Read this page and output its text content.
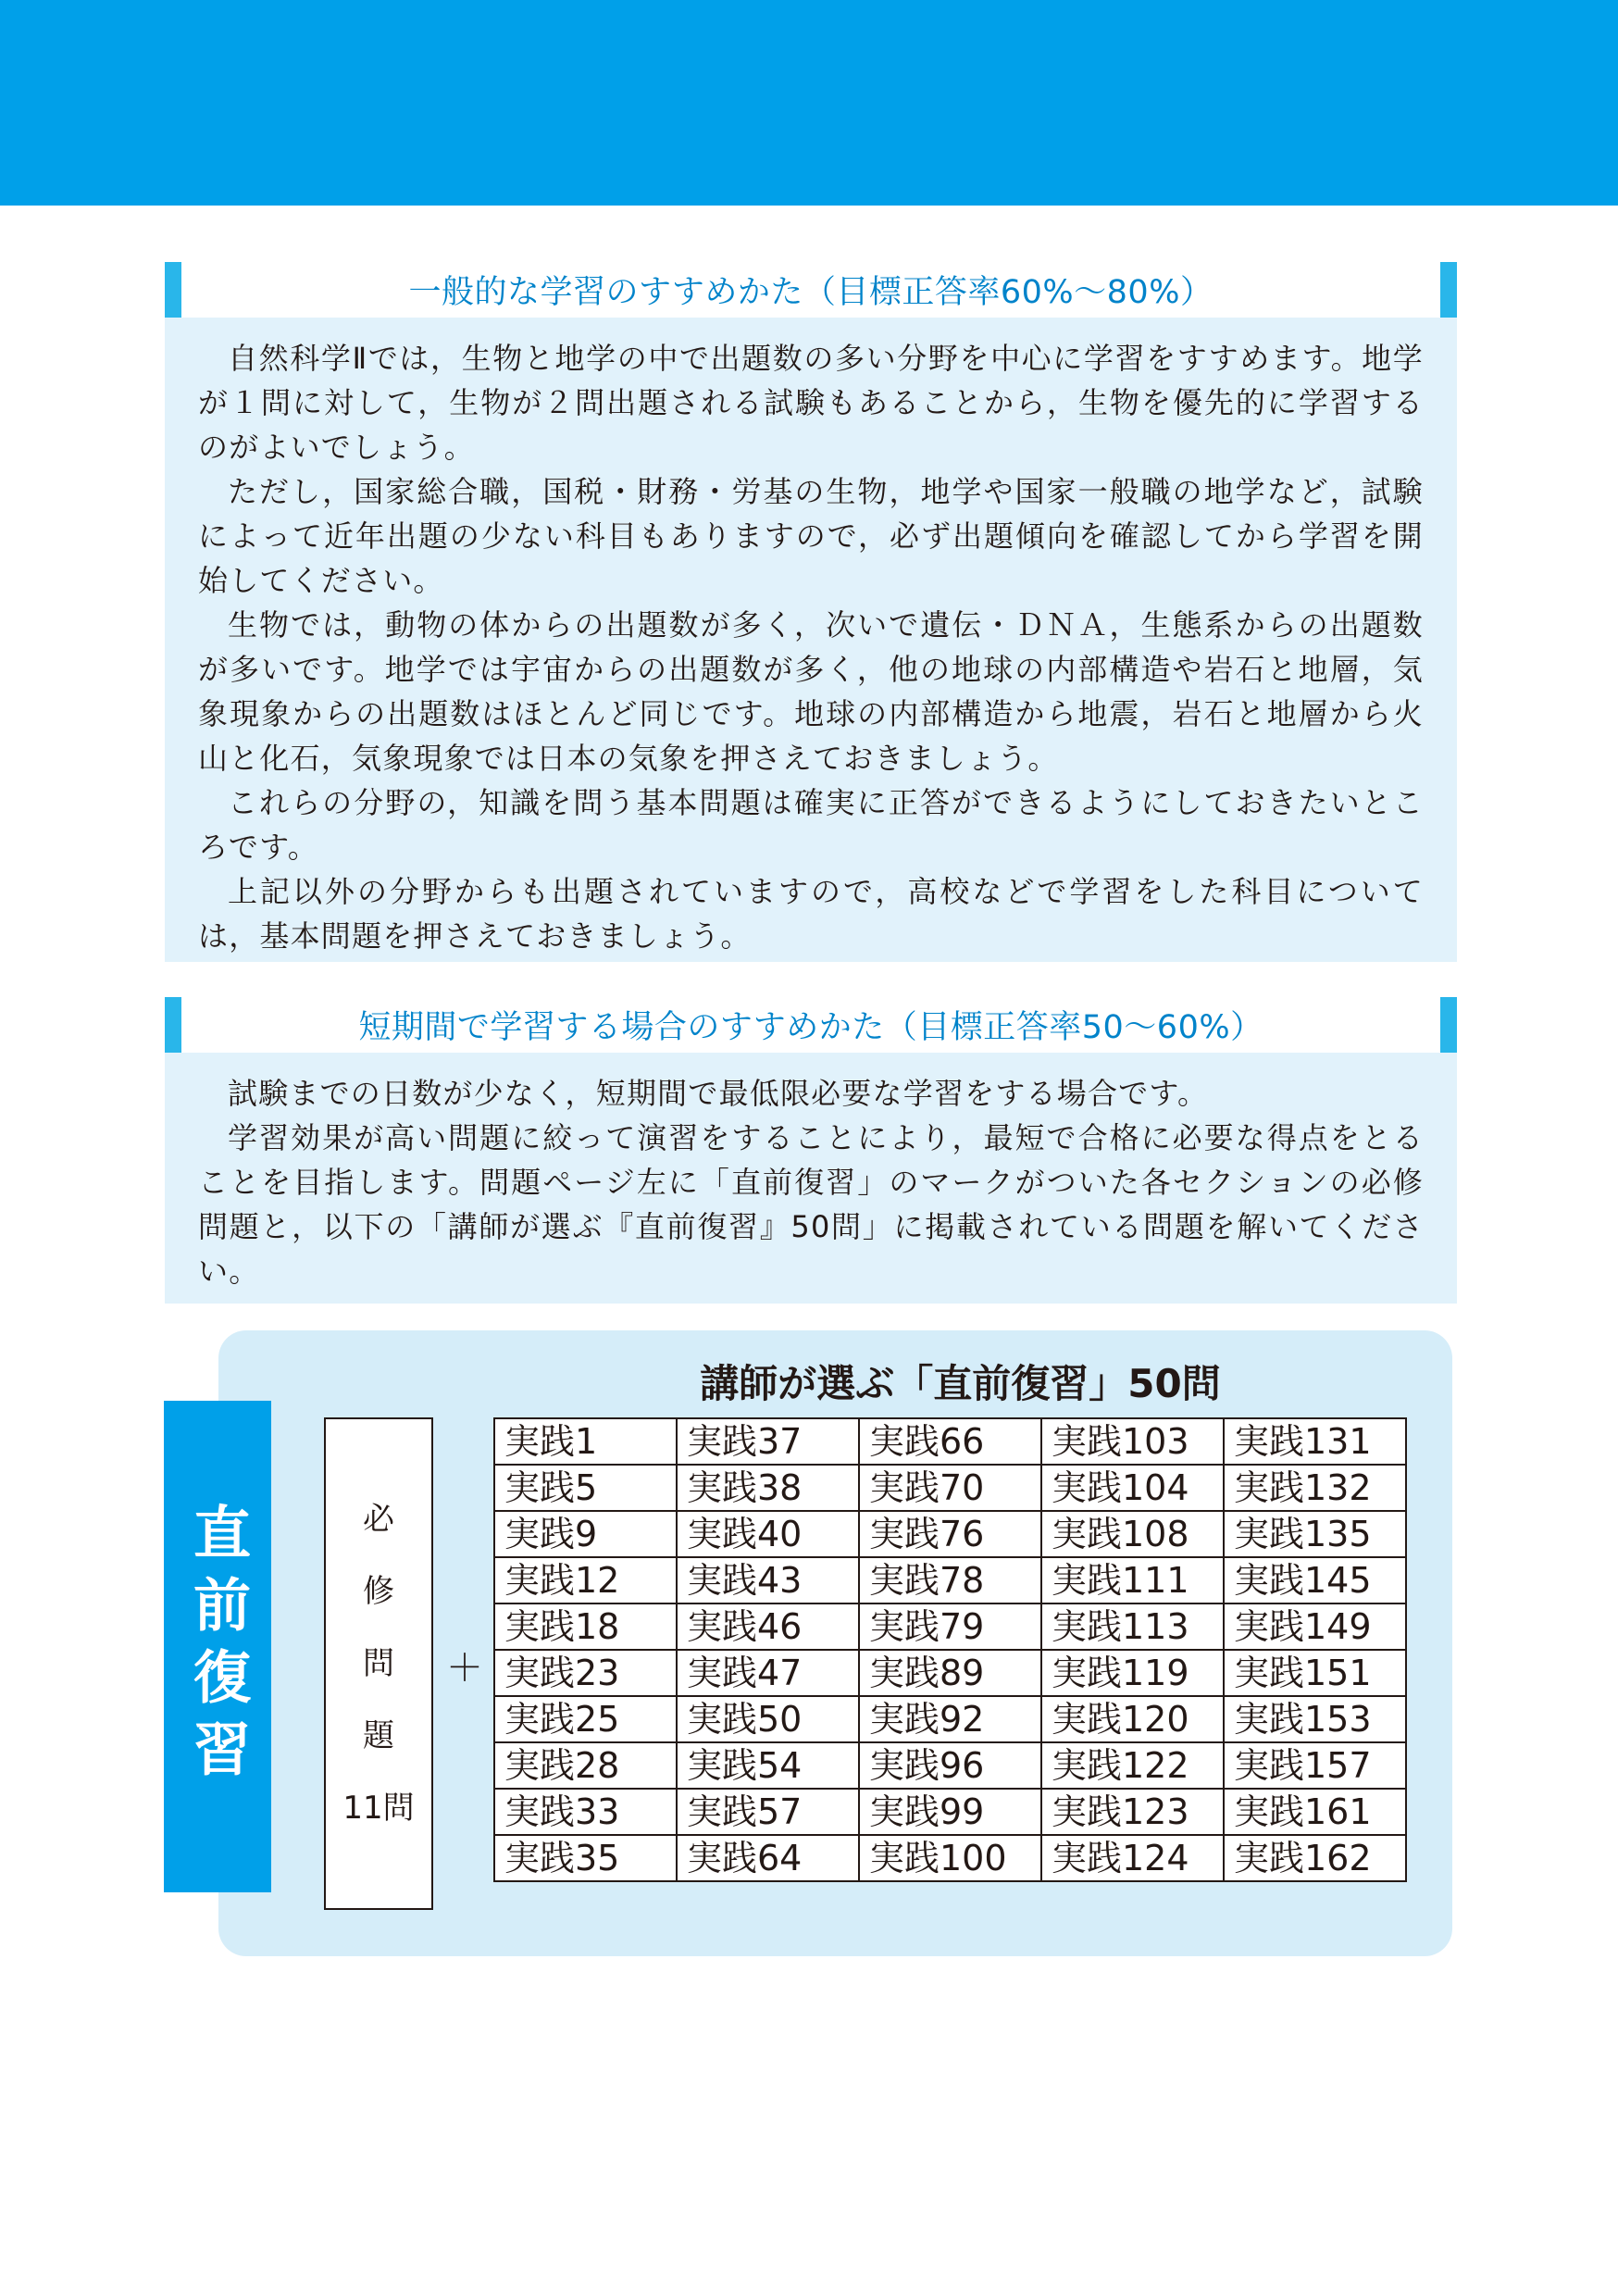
一般的な学習のすすめかた（目標正答率60%〜80%）

自然科学Ⅱでは，生物と地学の中で出題数の多い分野を中心に学習をすすめます。地学が１問に対して，生物が２問出題される試験もあることから，生物を優先的に学習するのがよいでしょう。

ただし，国家総合職，国税・財務・労基の生物，地学や国家一般職の地学など，試験によって近年出題の少ない科目もありますので，必ず出題傾向を確認してから学習を開始してください。

生物では，動物の体からの出題数が多く，次いで遺伝・ＤＮＡ，生態系からの出題数が多いです。地学では宇宙からの出題数が多く，他の地球の内部構造や岩石と地層，気象現象からの出題数はほとんど同じです。地球の内部構造から地震，岩石と地層から火山と化石，気象現象では日本の気象を押さえておきましょう。

これらの分野の，知識を問う基本問題は確実に正答ができるようにしておきたいところです。

上記以外の分野からも出題されていますので，高校などで学習をした科目については，基本問題を押さえておきましょう。

短期間で学習する場合のすすめかた（目標正答率50〜60%）

試験までの日数が少なく，短期間で最低限必要な学習をする場合です。

学習効果が高い問題に絞って演習をすることにより，最短で合格に必要な得点をとることを目指します。問題ページ左に「直前復習」のマークがついた各セクションの必修問題と，以下の「講師が選ぶ『直前復習』50問」に掲載されている問題を解いてください。

直前復習
講師が選ぶ「直前復習」50問
必
修
問
題
11問
＋
実践1	実践37	実践66	実践103	実践131
実践5	実践38	実践70	実践104	実践132
実践9	実践40	実践76	実践108	実践135
実践12	実践43	実践78	実践111	実践145
実践18	実践46	実践79	実践113	実践149
実践23	実践47	実践89	実践119	実践151
実践25	実践50	実践92	実践120	実践153
実践28	実践54	実践96	実践122	実践157
実践33	実践57	実践99	実践123	実践161
実践35	実践64	実践100	実践124	実践162
